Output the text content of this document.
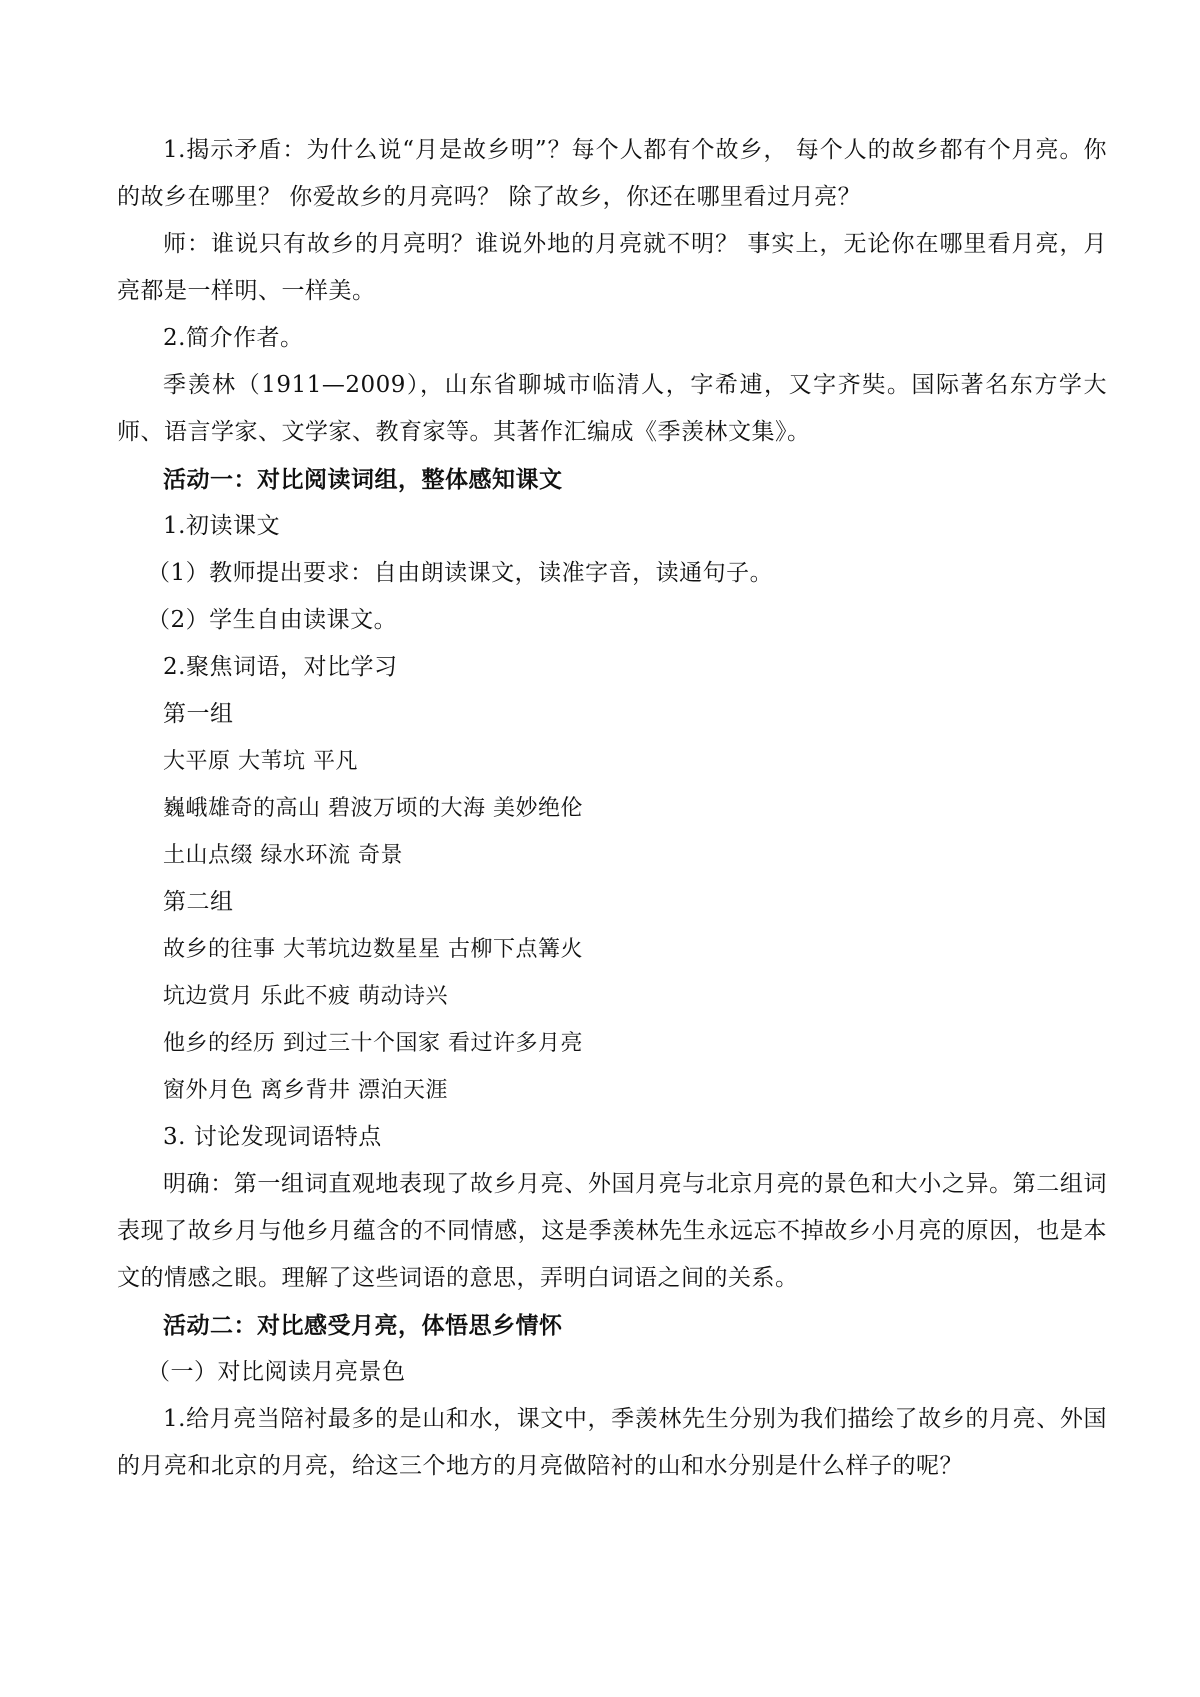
1.揭示矛盾：为什么说“月是故乡明”？每个人都有个故乡， 每个人的故乡都有个月亮。你的故乡在哪里？ 你爱故乡的月亮吗？ 除了故乡，你还在哪里看过月亮？

师：谁说只有故乡的月亮明？谁说外地的月亮就不明？ 事实上，无论你在哪里看月亮，月亮都是一样明、一样美。

2.简介作者。

季羡林（1911—2009），山东省聊城市临清人，字希逋，又字齐奘。国际著名东方学大师、语言学家、文学家、教育家等。其著作汇编成《季羡林文集》。

活动一：对比阅读词组，整体感知课文

1.初读课文

（1）教师提出要求：自由朗读课文，读准字音，读通句子。

（2）学生自由读课文。

2.聚焦词语，对比学习

第一组

大平原 大苇坑 平凡

巍峨雄奇的高山 碧波万顷的大海 美妙绝伦

土山点缀 绿水环流 奇景

第二组

故乡的往事 大苇坑边数星星 古柳下点篝火

坑边赏月 乐此不疲 萌动诗兴

他乡的经历 到过三十个国家 看过许多月亮

窗外月色 离乡背井 漂泊天涯

3. 讨论发现词语特点

明确：第一组词直观地表现了故乡月亮、外国月亮与北京月亮的景色和大小之异。第二组词表现了故乡月与他乡月蕴含的不同情感，这是季羡林先生永远忘不掉故乡小月亮的原因，也是本文的情感之眼。理解了这些词语的意思，弄明白词语之间的关系。

活动二：对比感受月亮，体悟思乡情怀

（一）对比阅读月亮景色

1.给月亮当陪衬最多的是山和水，课文中，季羡林先生分别为我们描绘了故乡的月亮、外国的月亮和北京的月亮，给这三个地方的月亮做陪衬的山和水分别是什么样子的呢？
